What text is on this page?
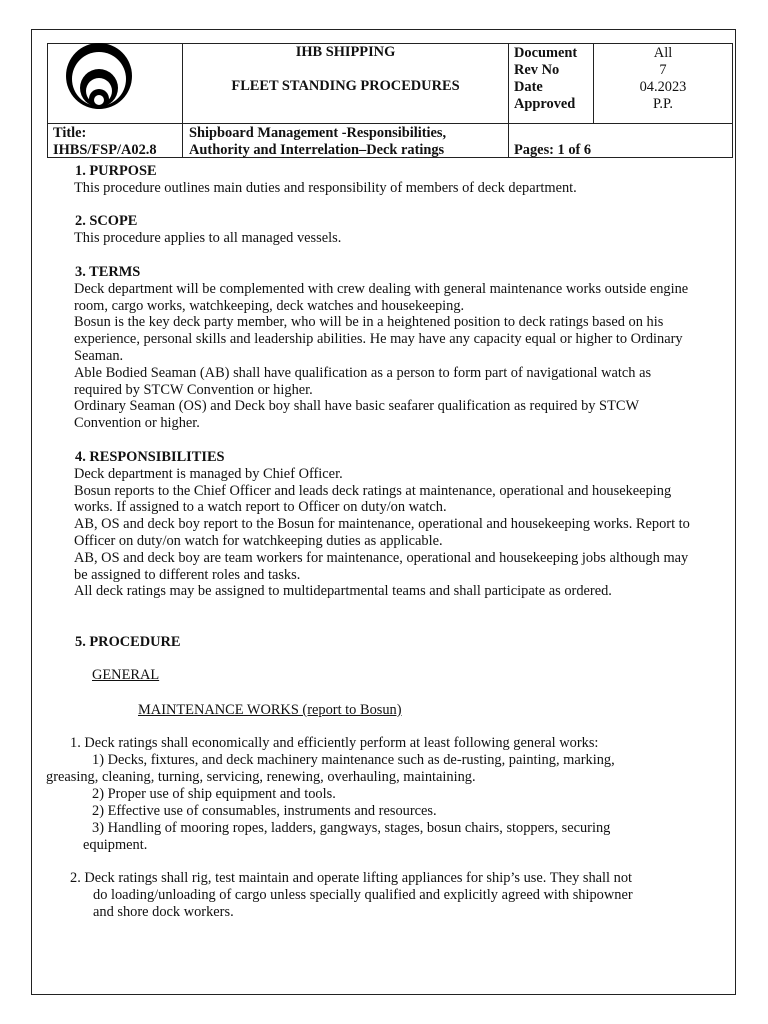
IHB SHIPPING
FLEET STANDING PROCEDURES
Document
Rev No
Date
Approved
All
7
04.2023
P.P.
Title:
IHBS/FSP/A02.8
Shipboard Management -Responsibilities,
Authority and Interrelation–Deck ratings	Pages: 1 of 6

1. PURPOSE

This procedure outlines main duties and responsibility of members of deck department.

2. SCOPE

This procedure applies to all managed vessels.

3. TERMS

Deck department will be complemented with crew dealing with general maintenance works outside engine

room, cargo works, watchkeeping, deck watches and housekeeping.

Bosun is the key deck party member, who will be in a heightened position to deck ratings based on his

experience, personal skills and leadership abilities. He may have any capacity equal or higher to Ordinary

Seaman.

Able Bodied Seaman (AB) shall have qualification as a person to form part of navigational watch as

required by STCW Convention or higher.

Ordinary Seaman (OS) and Deck boy shall have basic seafarer qualification as required by STCW

Convention or higher.

4. RESPONSIBILITIES

Deck department is managed by Chief Officer.

Bosun reports to the Chief Officer and leads deck ratings at maintenance, operational and housekeeping

works. If assigned to a watch report to Officer on duty/on watch.

AB, OS and deck boy report to the Bosun for maintenance, operational and housekeeping works. Report to

Officer on duty/on watch for watchkeeping duties as applicable.

AB, OS and deck boy are team workers for maintenance, operational and housekeeping jobs although may

be assigned to different roles and tasks.

All deck ratings may be assigned to multidepartmental teams and shall participate as ordered.

5. PROCEDURE
GENERAL
MAINTENANCE WORKS (report to Bosun)
1. Deck ratings shall economically and efficiently perform at least following general works:
1) Decks, fixtures, and deck machinery maintenance such as de-rusting, painting, marking,
greasing, cleaning, turning, servicing, renewing, overhauling, maintaining.
2) Proper use of ship equipment and tools.
2) Effective use of consumables, instruments and resources.
3) Handling of mooring ropes, ladders, gangways, stages, bosun chairs, stoppers, securing
equipment.
2. Deck ratings shall rig, test maintain and operate lifting appliances for ship’s use. They shall not
do loading/unloading of cargo unless specially qualified and explicitly agreed with shipowner
and shore dock workers.
